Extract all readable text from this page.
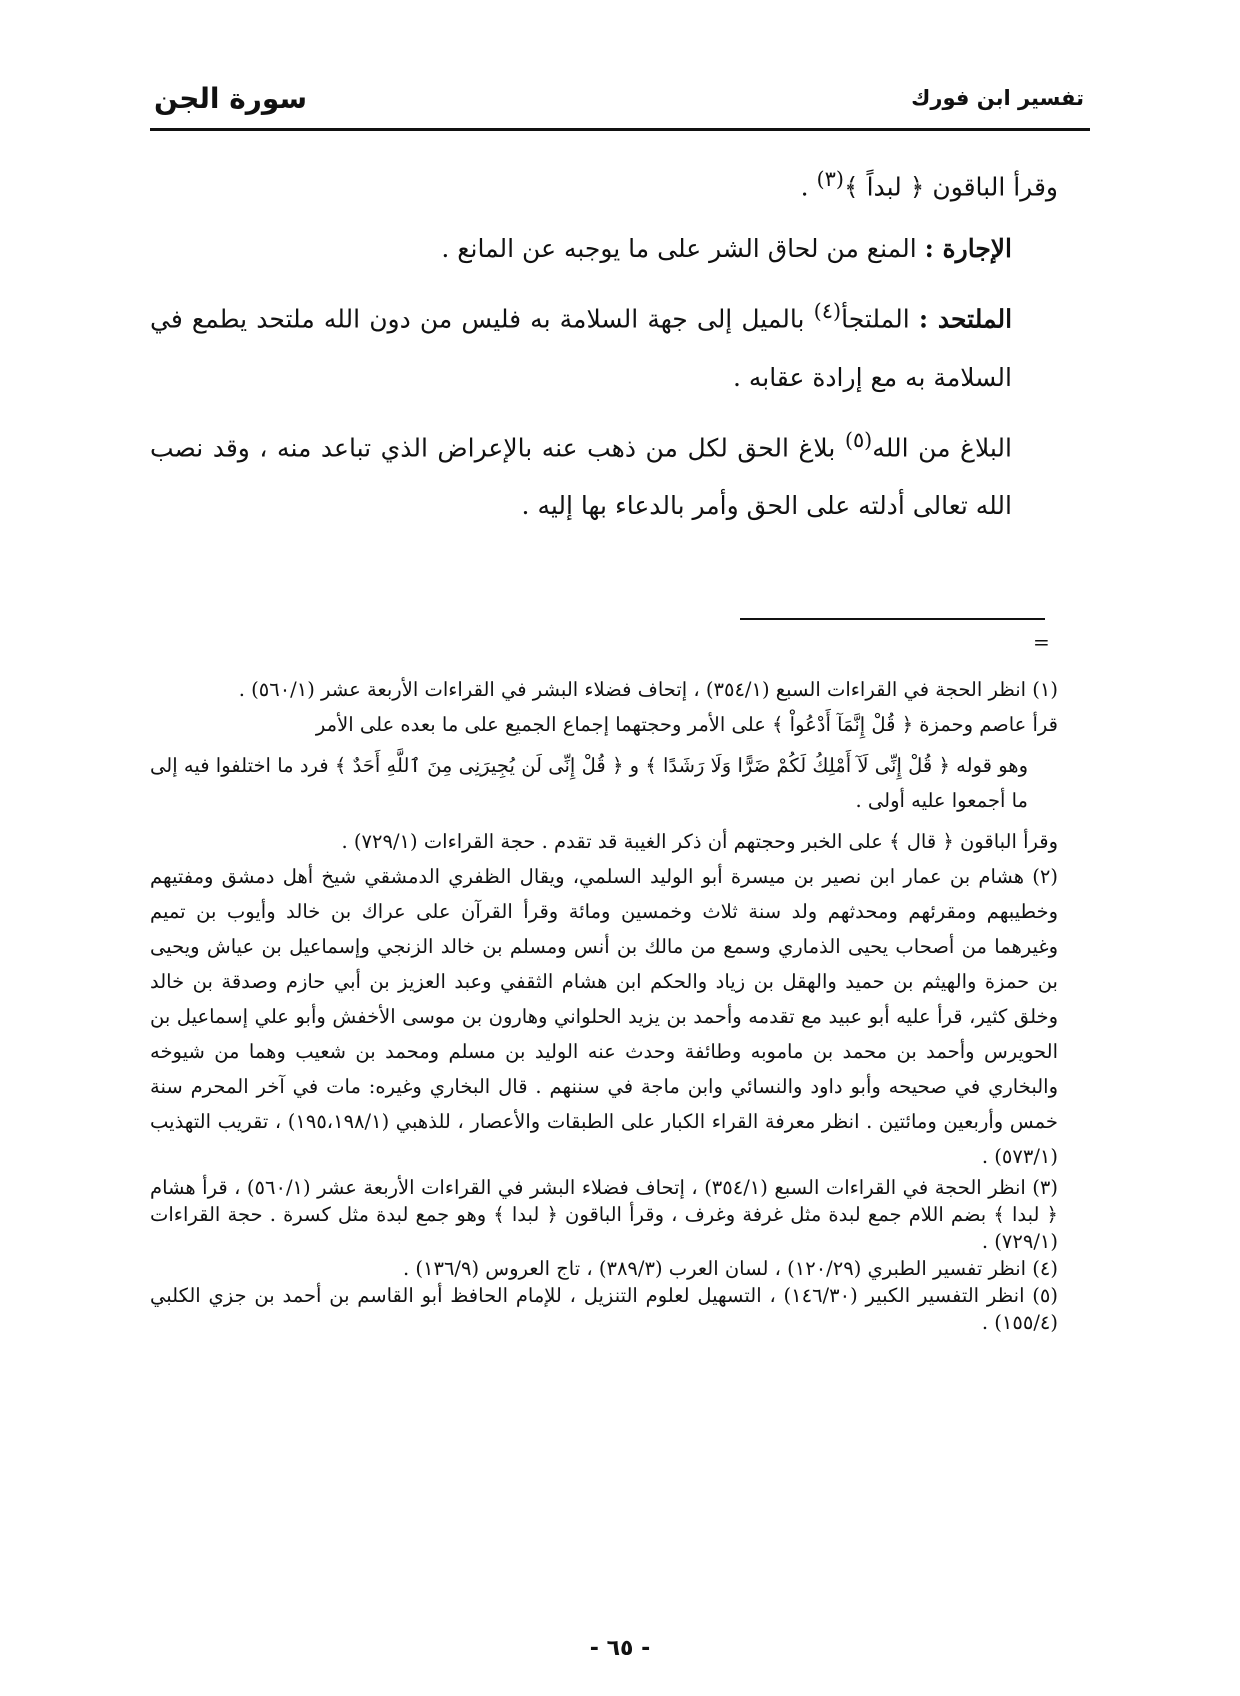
تفسير ابن فورك
سورة الجن

وقرأ الباقون ﴿ لبداً ﴾$^{(٣)}$ .

الإجارة : المنع من لحاق الشر على ما يوجبه عن المانع .

الملتحد : الملتجأ$^{(٤)}$ بالميل إلى جهة السلامة به فليس من دون الله ملتحد يطمع في السلامة به مع إرادة عقابه .

البلاغ من الله$^{(٥)}$ بلاغ الحق لكل من ذهب عنه بالإعراض الذي تباعد منه ، وقد نصب الله تعالى أدلته على الحق وأمر بالدعاء بها إليه .

=

(١) انظر الحجة في القراءات السبع (٣٥٤/١) ، إتحاف فضلاء البشر في القراءات الأربعة عشر (٥٦٠/١) .

قرأ عاصم وحمزة ﴿ قُلْ إِنَّمَآ أَدْعُواْ ﴾ على الأمر وحجتهما إجماع الجميع على ما بعده على الأمر

وهو قوله ﴿ قُلْ إِنِّى لَآ أَمْلِكُ لَكُمْ ضَرًّا وَلَا رَشَدًا ﴾ و ﴿ قُلْ إِنِّى لَن يُجِيرَنِى مِنَ ٱللَّهِ أَحَدٌ ﴾ فرد ما اختلفوا فيه إلى ما أجمعوا عليه أولى .

وقرأ الباقون ﴿ قال ﴾ على الخبر وحجتهم أن ذكر الغيبة قد تقدم . حجة القراءات (٧٢٩/١) .

(٢) هشام بن عمار ابن نصير بن ميسرة أبو الوليد السلمي، ويقال الظفري الدمشقي شيخ أهل دمشق ومفتيهم وخطيبهم ومقرئهم ومحدثهم ولد سنة ثلاث وخمسين ومائة وقرأ القرآن على عراك بن خالد وأيوب بن تميم وغيرهما من أصحاب يحيى الذماري وسمع من مالك بن أنس ومسلم بن خالد الزنجي وإسماعيل بن عياش ويحيى بن حمزة والهيثم بن حميد والهقل بن زياد والحكم ابن هشام الثقفي وعبد العزيز بن أبي حازم وصدقة بن خالد وخلق كثير، قرأ عليه أبو عبيد مع تقدمه وأحمد بن يزيد الحلواني وهارون بن موسى الأخفش وأبو علي إسماعيل بن الحويرس وأحمد بن محمد بن ماموبه وطائفة وحدث عنه الوليد بن مسلم ومحمد بن شعيب وهما من شيوخه والبخاري في صحيحه وأبو داود والنسائي وابن ماجة في سننهم . قال البخاري وغيره: مات في آخر المحرم سنة خمس وأربعين ومائتين . انظر معرفة القراء الكبار على الطبقات والأعصار ، للذهبي (١٩٥،١٩٨/١) ، تقريب التهذيب (٥٧٣/١) .

(٣) انظر الحجة في القراءات السبع (٣٥٤/١) ، إتحاف فضلاء البشر في القراءات الأربعة عشر (٥٦٠/١) ، قرأ هشام ﴿ لبدا ﴾ بضم اللام جمع لبدة مثل غرفة وغرف ، وقرأ الباقون ﴿ لبدا ﴾ وهو جمع لبدة مثل كسرة . حجة القراءات (٧٢٩/١) .

(٤) انظر تفسير الطبري (١٢٠/٢٩) ، لسان العرب (٣٨٩/٣) ، تاج العروس (١٣٦/٩) .

(٥) انظر التفسير الكبير (١٤٦/٣٠) ، التسهيل لعلوم التنزيل ، للإمام الحافظ أبو القاسم بن أحمد بن جزي الكلبي (١٥٥/٤) .

- ٦٥ -
